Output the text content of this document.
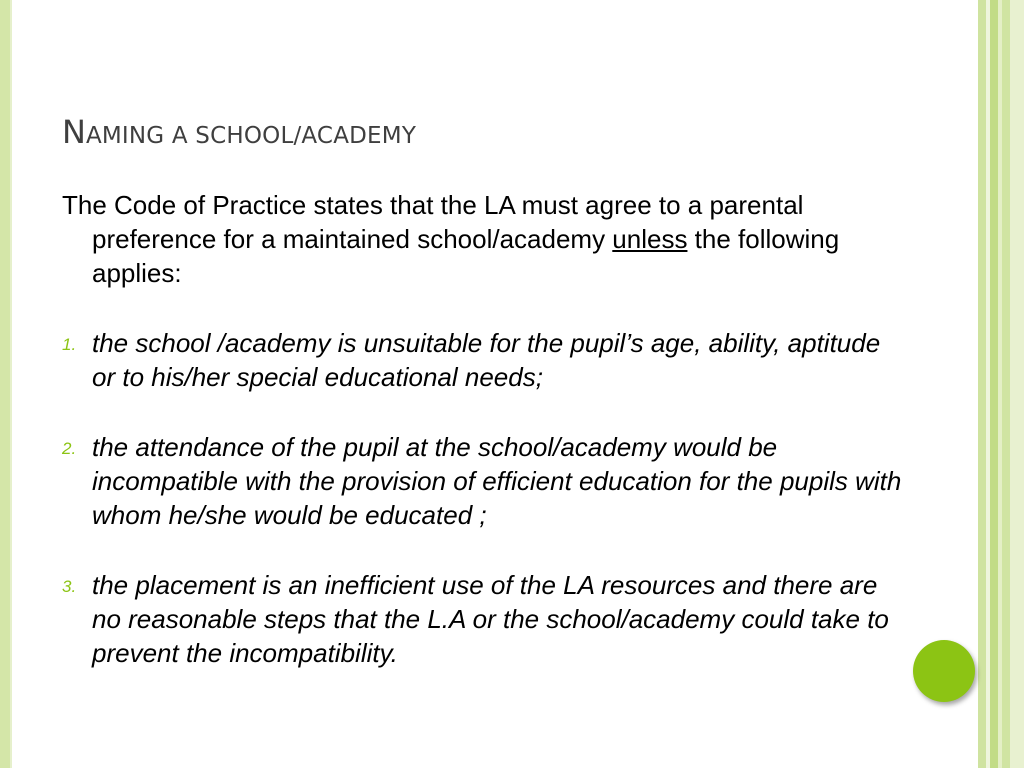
NAMING A SCHOOL/ACADEMY

The Code of Practice states that the LA must agree to a parental preference for a maintained school/academy unless the following applies:

1. the school /academy is unsuitable for the pupil’s age, ability, aptitude or to his/her special educational needs;

2. the attendance of the pupil at the school/academy would be incompatible with the provision of efficient education for the pupils with whom he/she would be educated ;

3. the placement is an inefficient use of the LA resources and there are no reasonable steps that the L.A or the school/academy could take to prevent the incompatibility.
